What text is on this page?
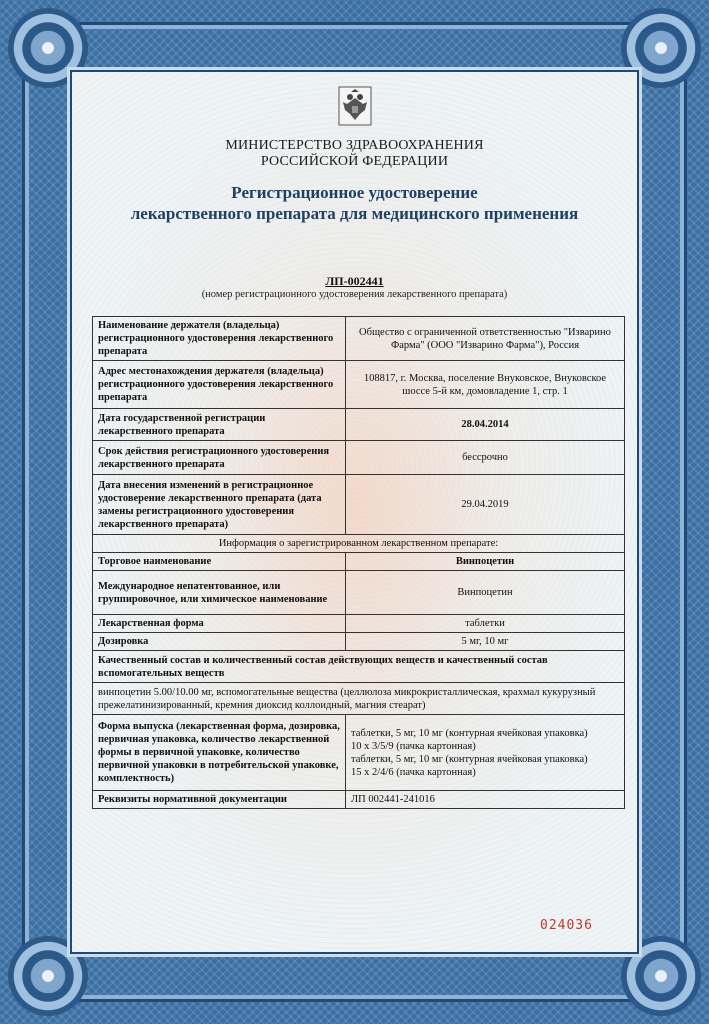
МИНИСТЕРСТВО ЗДРАВООХРАНЕНИЯ
РОССИЙСКОЙ ФЕДЕРАЦИИ
Регистрационное удостоверение
лекарственного препарата для медицинского применения
ЛП-002441
(номер регистрационного удостоверения лекарственного препарата)
Наименование держателя (владельца) регистрационного удостоверения лекарственного препарата	Общество с ограниченной ответственностью "Изварино Фарма" (ООО "Изварино Фарма"), Россия
Адрес местонахождения держателя (владельца) регистрационного удостоверения лекарственного препарата	108817, г. Москва, поселение Внуковское, Внуковское шоссе 5-й км, домовладение 1, стр. 1
Дата государственной регистрации лекарственного препарата	28.04.2014
Срок действия регистрационного удостоверения лекарственного препарата	бессрочно
Дата внесения изменений в регистрационное удостоверение лекарственного препарата (дата замены регистрационного удостоверения лекарственного препарата)	29.04.2019
Информация о зарегистрированном лекарственном препарате:	
Торговое наименование	Винпоцетин
Международное непатентованное, или группировочное, или химическое наименование	Винпоцетин
Лекарственная форма	таблетки
Дозировка	5 мг, 10 мг
Качественный состав и количественный состав действующих веществ и качественный состав вспомогательных веществ	
винпоцетин 5.00/10.00 мг, вспомогательные вещества (целлюлоза микрокристаллическая, крахмал кукурузный прежелатинизированный, кремния диоксид коллоидный, магния стеарат)	
Форма выпуска (лекарственная форма, дозировка, первичная упаковка, количество лекарственной формы в первичной упаковке, количество первичной упаковки в потребительской упаковке, комплектность)	таблетки, 5 мг, 10 мг (контурная ячейковая упаковка)
10 x 3/5/9 (пачка картонная)
таблетки, 5 мг, 10 мг (контурная ячейковая упаковка)
15 x 2/4/6 (пачка картонная)

Реквизиты нормативной документации	ЛП 002441-241016
024036
